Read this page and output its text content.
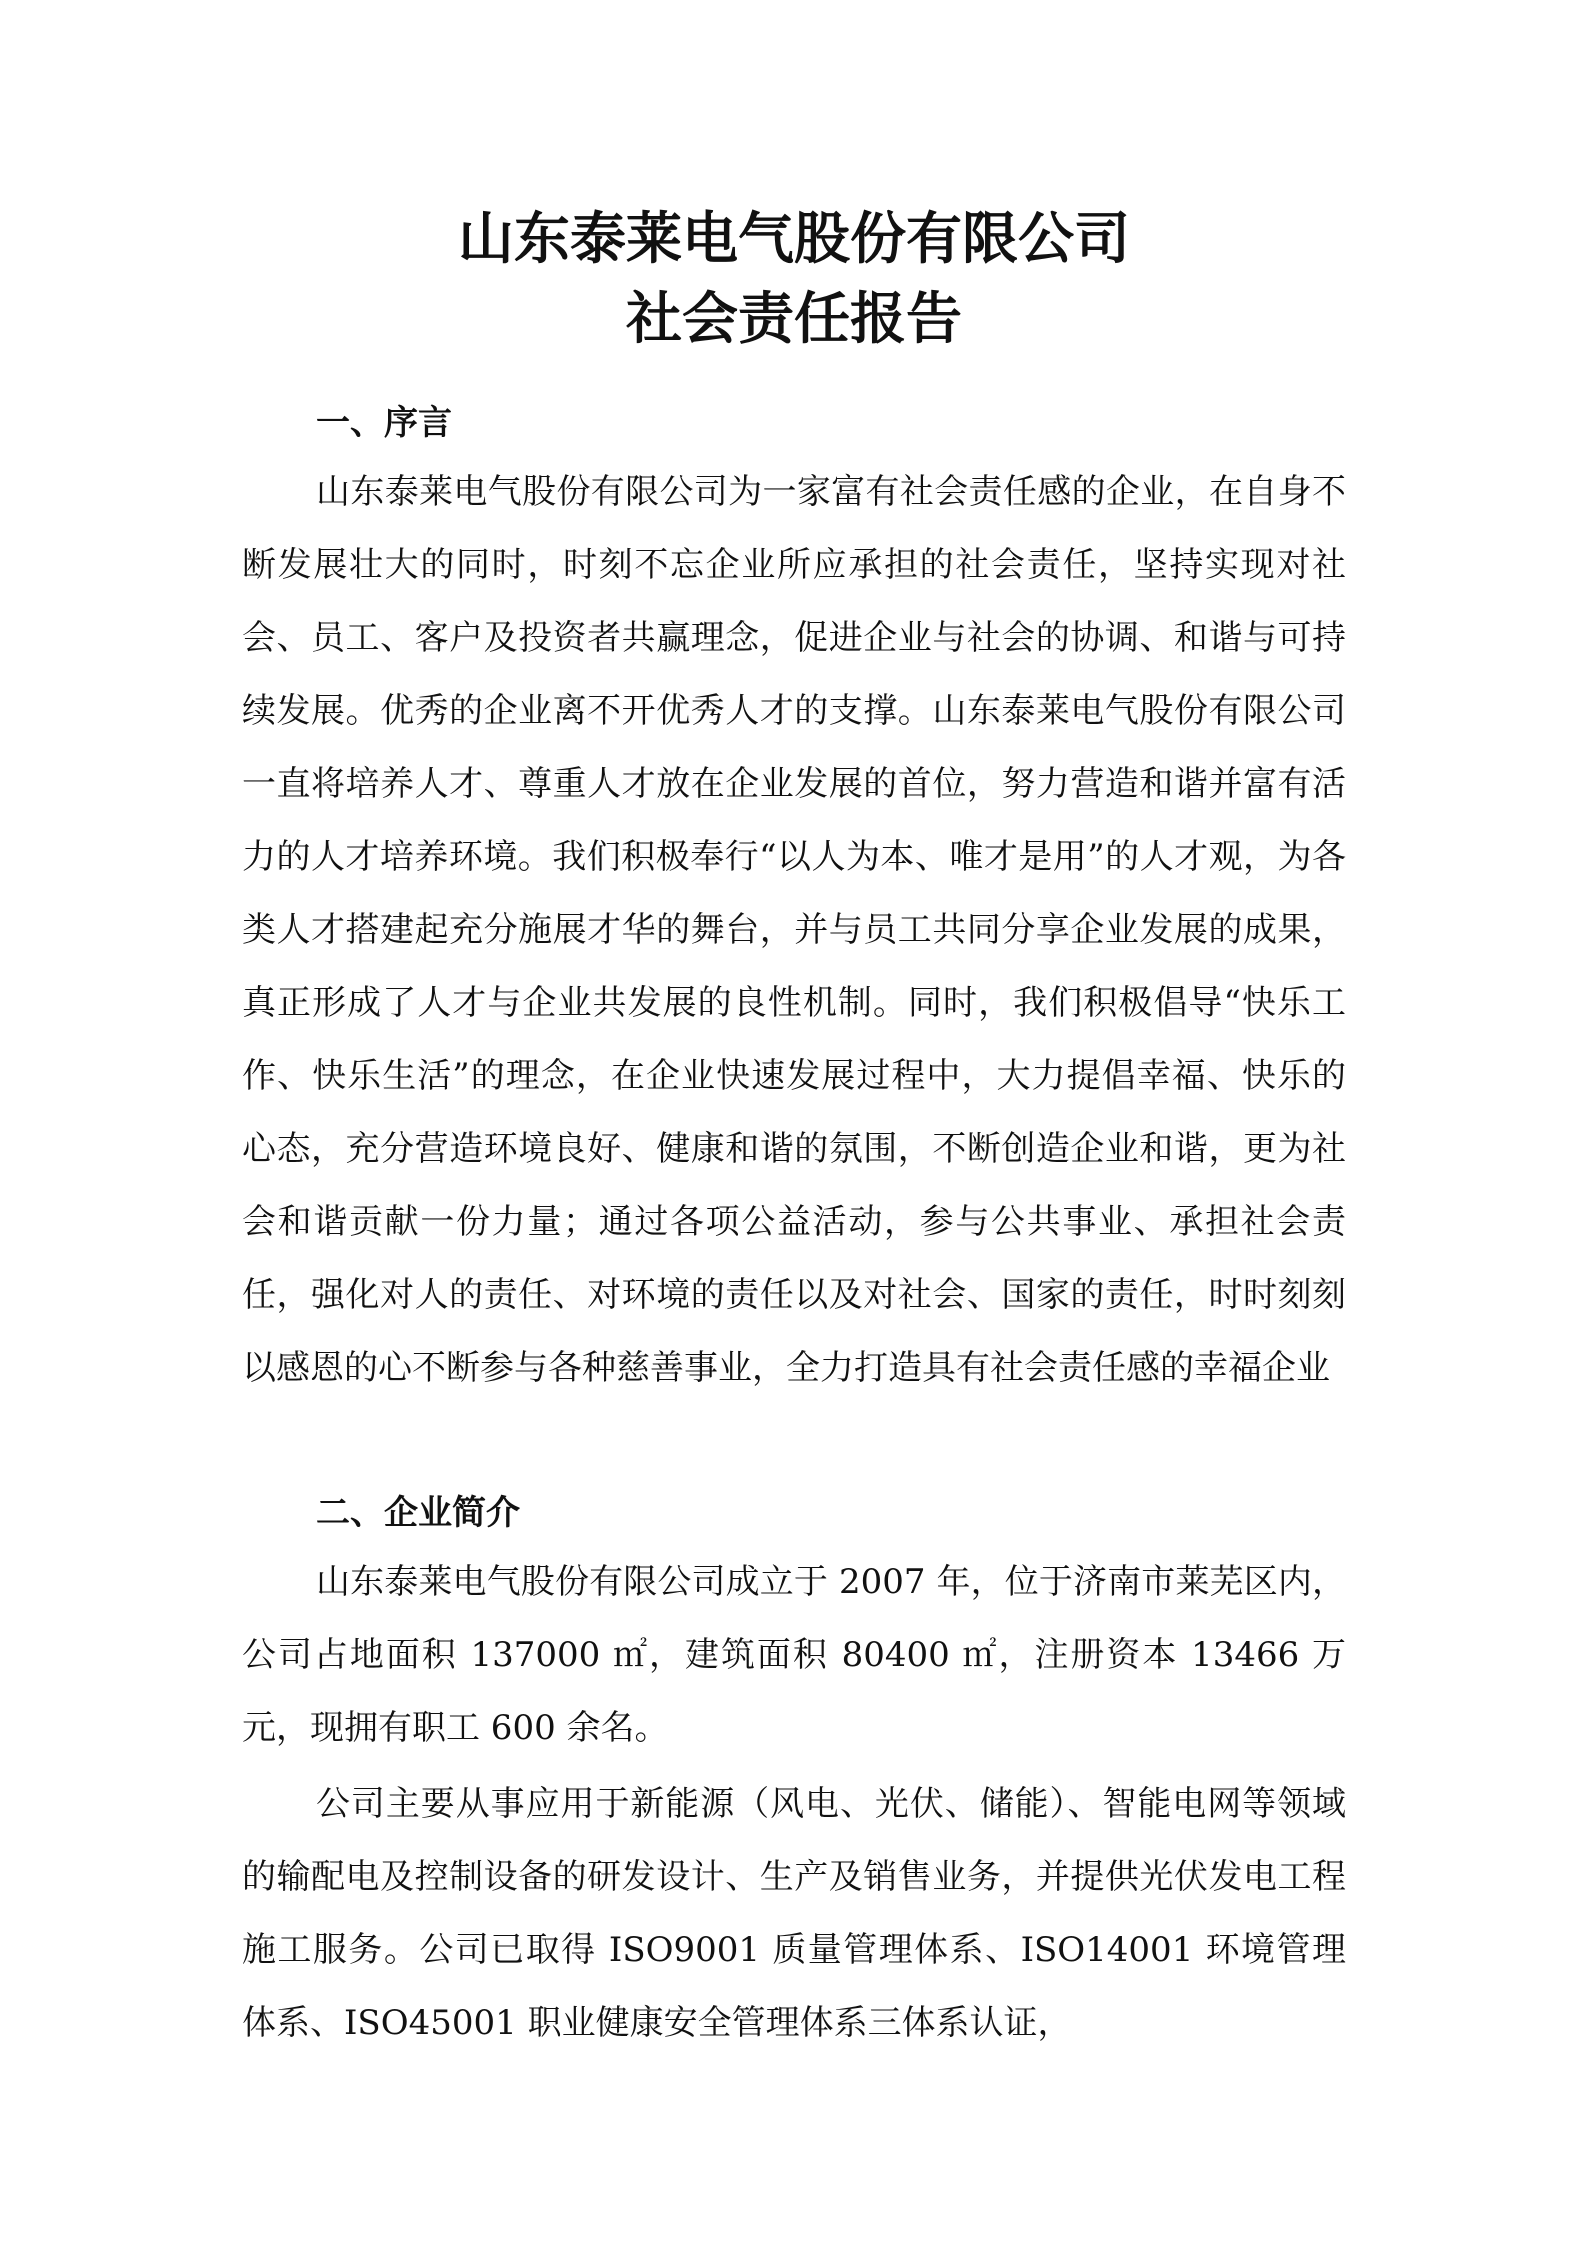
山东泰莱电气股份有限公司
社会责任报告
一、序言

山东泰莱电气股份有限公司为一家富有社会责任感的企业，在自身不断发展壮大的同时，时刻不忘企业所应承担的社会责任，坚持实现对社会、员工、客户及投资者共赢理念，促进企业与社会的协调、和谐与可持续发展。优秀的企业离不开优秀人才的支撑。山东泰莱电气股份有限公司一直将培养人才、尊重人才放在企业发展的首位，努力营造和谐并富有活力的人才培养环境。我们积极奉行“以人为本、唯才是用”的人才观，为各类人才搭建起充分施展才华的舞台，并与员工共同分享企业发展的成果，真正形成了人才与企业共发展的良性机制。同时，我们积极倡导“快乐工作、快乐生活”的理念，在企业快速发展过程中，大力提倡幸福、快乐的心态，充分营造环境良好、健康和谐的氛围，不断创造企业和谐，更为社会和谐贡献一份力量；通过各项公益活动，参与公共事业、承担社会责任，强化对人的责任、对环境的责任以及对社会、国家的责任，时时刻刻以感恩的心不断参与各种慈善事业，全力打造具有社会责任感的幸福企业

二、企业简介

山东泰莱电气股份有限公司成立于 2007 年，位于济南市莱芜区内，公司占地面积 137000 ㎡，建筑面积 80400 ㎡，注册资本 13466 万元，现拥有职工 600 余名。

公司主要从事应用于新能源（风电、光伏、储能）、智能电网等领域的输配电及控制设备的研发设计、生产及销售业务，并提供光伏发电工程施工服务。公司已取得 ISO9001 质量管理体系、ISO14001 环境管理体系、ISO45001 职业健康安全管理体系三体系认证，
